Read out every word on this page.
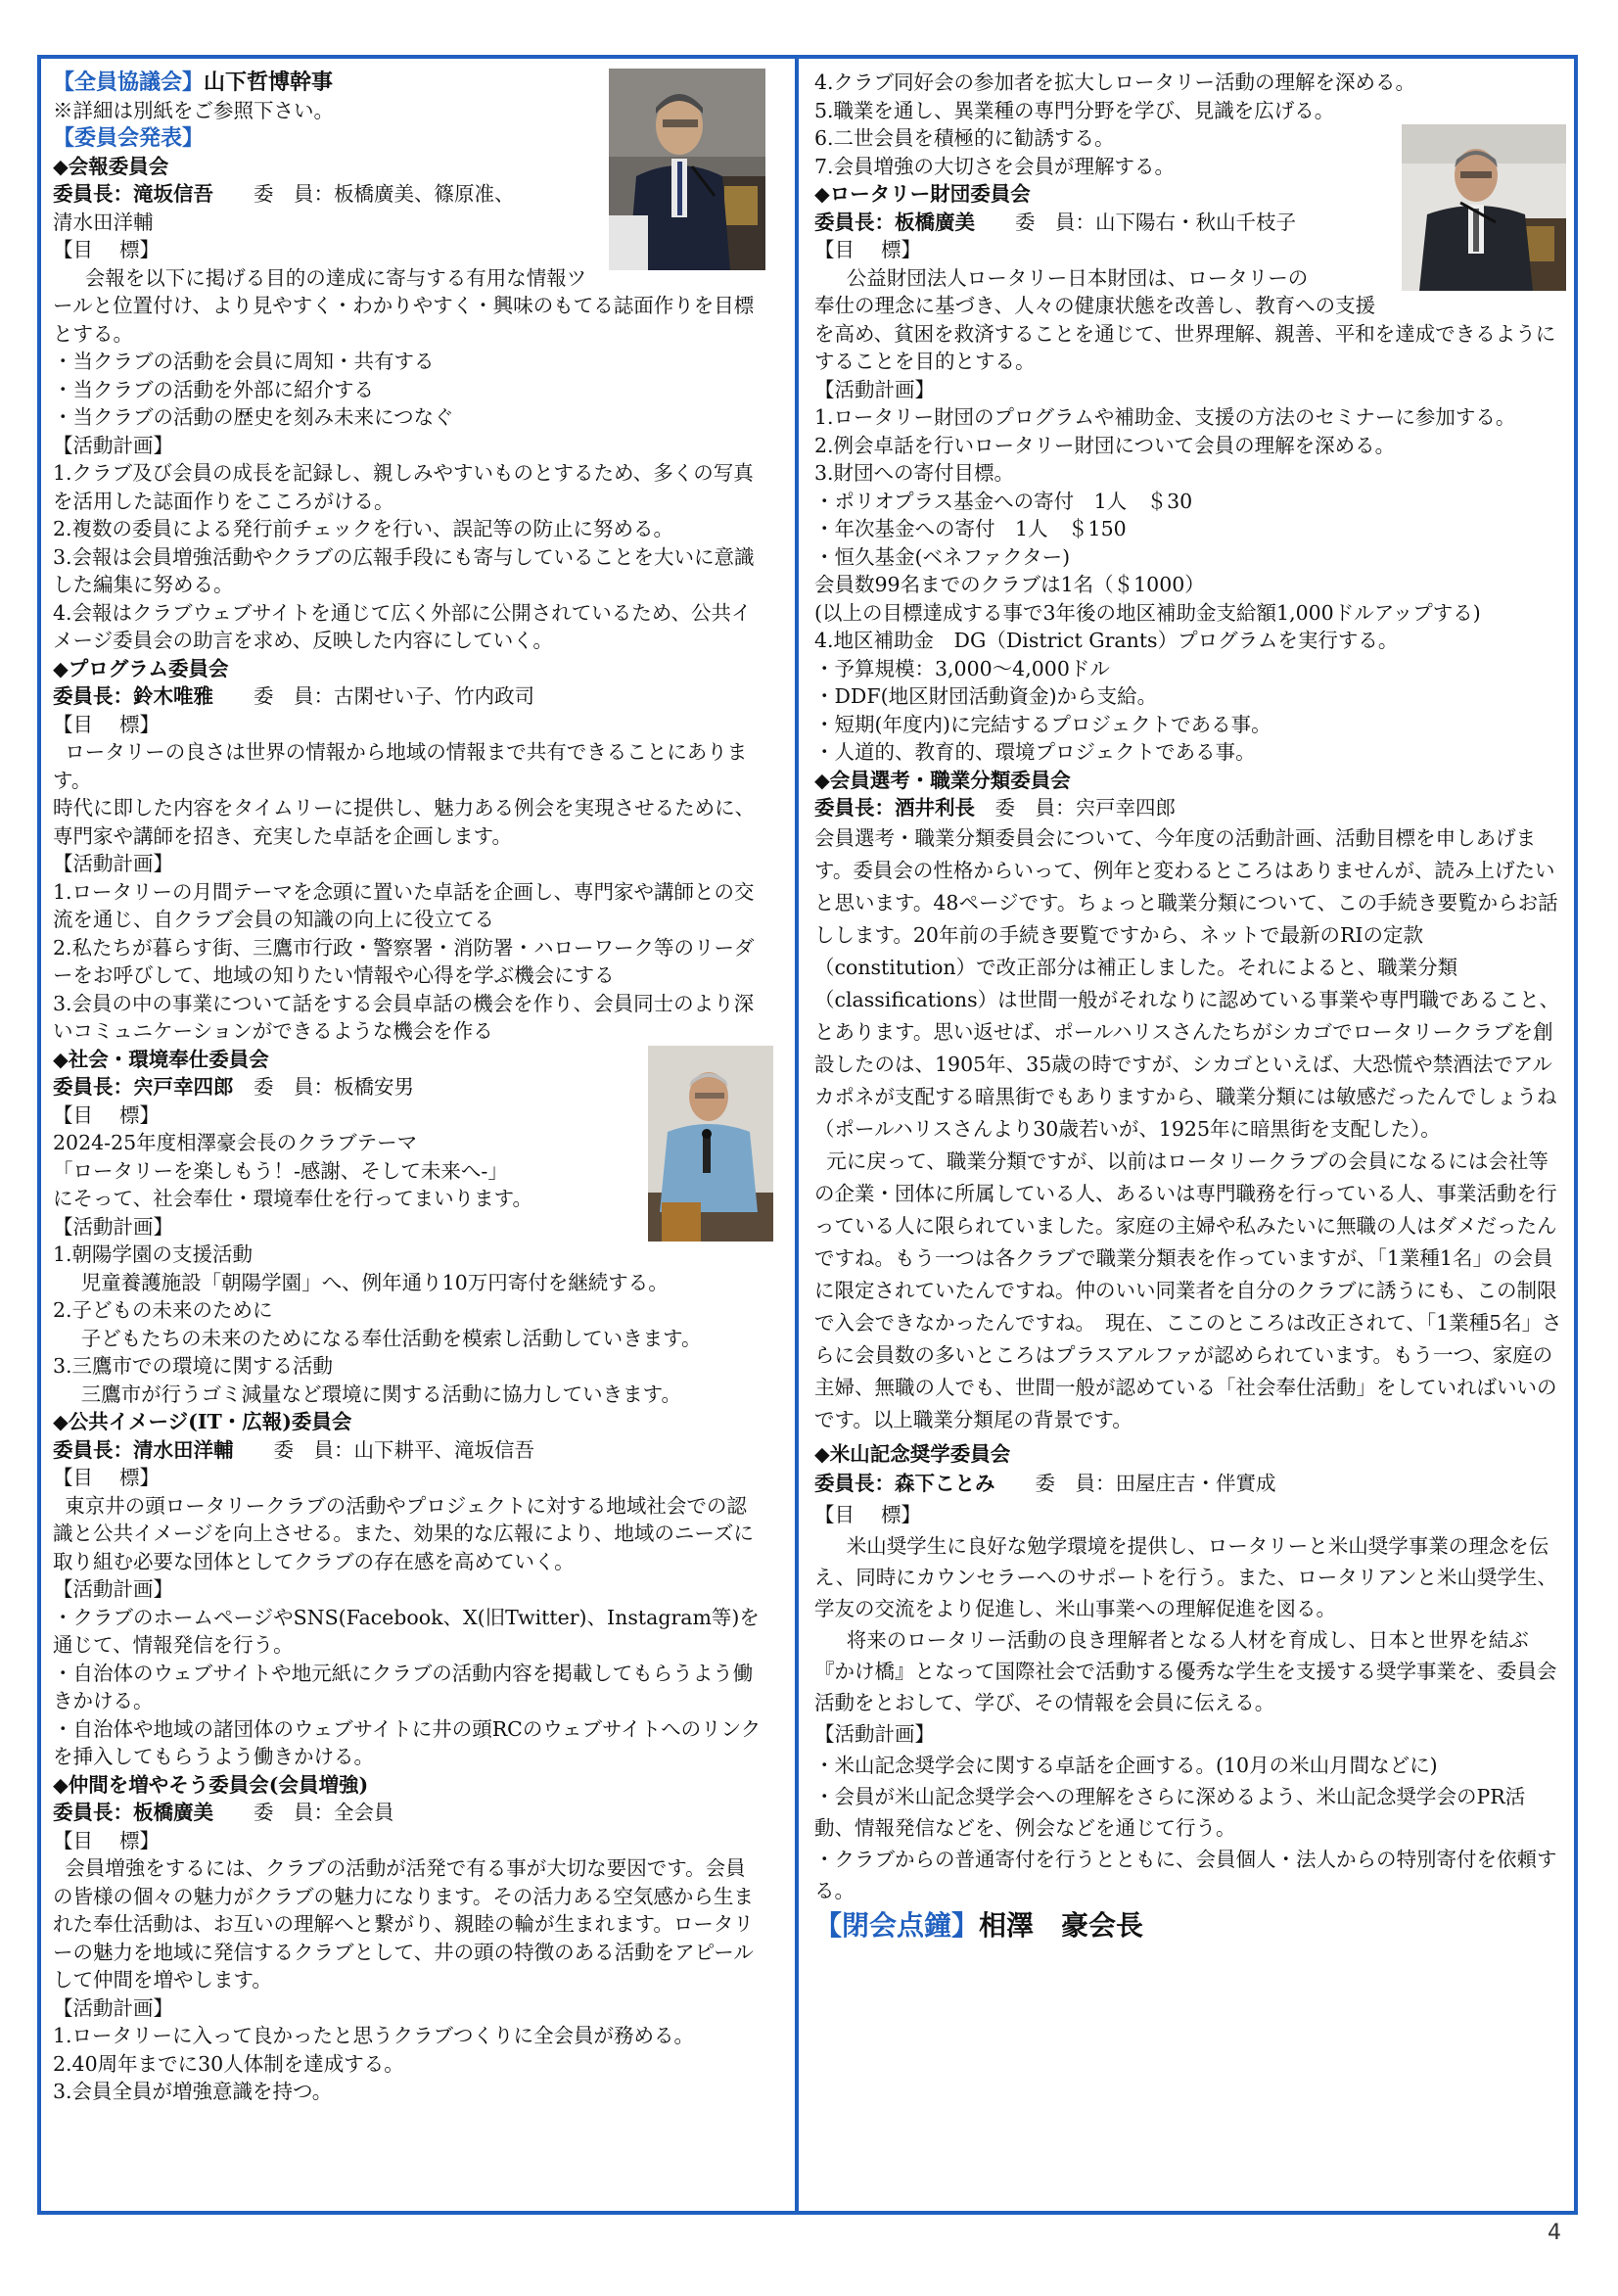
【全員協議会】山下哲博幹事

※詳細は別紙をご参照下さい。

【委員会発表】

◆会報委員会

委員長：滝坂信吾　　 委　員：板橋廣美、篠原准、

清水田洋輔

【目　 標】

会報を以下に掲げる目的の達成に寄与する有用な情報ツールと位置付け、より見やすく・わかりやすく・興味のもてる誌面作りを目標とする。

・当クラブの活動を会員に周知・共有する

・当クラブの活動を外部に紹介する

・当クラブの活動の歴史を刻み未来につなぐ

【活動計画】

1.クラブ及び会員の成長を記録し、親しみやすいものとするため、多くの写真を活用した誌面作りをこころがける。

2.複数の委員による発行前チェックを行い、誤記等の防止に努める。

3.会報は会員増強活動やクラブの広報手段にも寄与していることを大いに意識した編集に努める。

4.会報はクラブウェブサイトを通じて広く外部に公開されているため、公共イメージ委員会の助言を求め、反映した内容にしていく。

◆プログラム委員会

委員長：鈴木唯雅　　 委　員：古閑せい子、竹内政司

【目　 標】

ロータリーの良さは世界の情報から地域の情報まで共有できることにあります。

時代に即した内容をタイムリーに提供し、魅力ある例会を実現させるために、専門家や講師を招き、充実した卓話を企画します。

【活動計画】

1.ロータリーの月間テーマを念頭に置いた卓話を企画し、専門家や講師との交流を通じ、自クラブ会員の知識の向上に役立てる

2.私たちが暮らす街、三鷹市行政・警察署・消防署・ハローワーク等のリーダーをお呼びして、地域の知りたい情報や心得を学ぶ機会にする

3.会員の中の事業について話をする会員卓話の機会を作り、会員同士のより深いコミュニケーションができるような機会を作る

◆社会・環境奉仕委員会

委員長：宍戸幸四郎　 委　員：板橋安男

【目　 標】

2024-25年度相澤豪会長のクラブテーマ

「ロータリーを楽しもう！-感謝、そして未来へ-」

にそって、社会奉仕・環境奉仕を行ってまいります。

【活動計画】

1.朝陽学園の支援活動

児童養護施設「朝陽学園」へ、例年通り10万円寄付を継続する。

2.子どもの未来のために

子どもたちの未来のためになる奉仕活動を模索し活動していきます。

3.三鷹市での環境に関する活動

三鷹市が行うゴミ減量など環境に関する活動に協力していきます。

◆公共イメージ(IT・広報)委員会

委員長：清水田洋輔　　 委　員：山下耕平、滝坂信吾

【目　 標】

東京井の頭ロータリークラブの活動やプロジェクトに対する地域社会での認識と公共イメージを向上させる。また、効果的な広報により、地域のニーズに取り組む必要な団体としてクラブの存在感を高めていく。

【活動計画】

・クラブのホームページやSNS(Facebook、X(旧Twitter)、Instagram等)を通じて、情報発信を行う。

・自治体のウェブサイトや地元紙にクラブの活動内容を掲載してもらうよう働きかける。

・自治体や地域の諸団体のウェブサイトに井の頭RCのウェブサイトへのリンクを挿入してもらうよう働きかける。

◆仲間を増やそう委員会(会員増強)

委員長：板橋廣美　　 委　員：全会員

【目　 標】

会員増強をするには、クラブの活動が活発で有る事が大切な要因です。会員の皆様の個々の魅力がクラブの魅力になります。その活力ある空気感から生まれた奉仕活動は、お互いの理解へと繋がり、親睦の輪が生まれます。ロータリーの魅力を地域に発信するクラブとして、井の頭の特徴のある活動をアピールして仲間を増やします。

【活動計画】

1.ロータリーに入って良かったと思うクラブつくりに全会員が務める。

2.40周年までに30人体制を達成する。

3.会員全員が増強意識を持つ。

4.クラブ同好会の参加者を拡大しロータリー活動の理解を深める。

5.職業を通し、異業種の専門分野を学び、見識を広げる。

6.二世会員を積極的に勧誘する。

7.会員増強の大切さを会員が理解する。

◆ロータリー財団委員会

委員長：板橋廣美　　 委　員：山下陽右・秋山千枝子

【目　 標】

公益財団法人ロータリー日本財団は、ロータリーの

奉仕の理念に基づき、人々の健康状態を改善し、教育への支援を高め、貧困を救済することを通じて、世界理解、親善、平和を達成できるようにすることを目的とする。

【活動計画】

1.ロータリー財団のプログラムや補助金、支援の方法のセミナーに参加する。

2.例会卓話を行いロータリー財団について会員の理解を深める。

3.財団への寄付目標。

・ポリオプラス基金への寄付　1人　＄30

・年次基金への寄付　1人　＄150

・恒久基金(ベネファクター)

会員数99名までのクラブは1名（＄1000）

(以上の目標達成する事で3年後の地区補助金支給額1,000ドルアップする)

4.地区補助金　DG（District Grants）プログラムを実行する。

・予算規模：3,000～4,000ドル

・DDF(地区財団活動資金)から支給。

・短期(年度内)に完結するプロジェクトである事。

・人道的、教育的、環境プロジェクトである事。

◆会員選考・職業分類委員会

委員長：酒井利長　 委　員：宍戸幸四郎

会員選考・職業分類委員会について、今年度の活動計画、活動目標を申しあげます。委員会の性格からいって、例年と変わるところはありませんが、読み上げたいと思います。48ページです。ちょっと職業分類について、この手続き要覧からお話しします。20年前の手続き要覧ですから、ネットで最新のRIの定款（constitution）で改正部分は補正しました。それによると、職業分類（classifications）は世間一般がそれなりに認めている事業や専門職であること、とあります。思い返せば、ポールハリスさんたちがシカゴでロータリークラブを創設したのは、1905年、35歳の時ですが、シカゴといえば、大恐慌や禁酒法でアルカポネが支配する暗黒街でもありますから、職業分類には敏感だったんでしょうね　（ポールハリスさんより30歳若いが、1925年に暗黒街を支配した）。

元に戻って、職業分類ですが、以前はロータリークラブの会員になるには会社等の企業・団体に所属している人、あるいは専門職務を行っている人、事業活動を行っている人に限られていました。家庭の主婦や私みたいに無職の人はダメだったんですね。もう一つは各クラブで職業分類表を作っていますが、「1業種1名」の会員に限定されていたんですね。仲のいい同業者を自分のクラブに誘うにも、この制限で入会できなかったんですね。　現在、ここのところは改正されて、「1業種5名」さらに会員数の多いところはプラスアルファが認められています。もう一つ、家庭の主婦、無職の人でも、世間一般が認めている「社会奉仕活動」をしていればいいのです。以上職業分類尾の背景です。

◆米山記念奨学委員会

委員長：森下ことみ　　 委　員：田屋庄吉・伴實成

【目　 標】

米山奨学生に良好な勉学環境を提供し、ロータリーと米山奨学事業の理念を伝え、同時にカウンセラーへのサポートを行う。また、ロータリアンと米山奨学生、学友の交流をより促進し、米山事業への理解促進を図る。

将来のロータリー活動の良き理解者となる人材を育成し、日本と世界を結ぶ『かけ橋』となって国際社会で活動する優秀な学生を支援する奨学事業を、委員会活動をとおして、学び、その情報を会員に伝える。

【活動計画】

・米山記念奨学会に関する卓話を企画する。(10月の米山月間などに)

・会員が米山記念奨学会への理解をさらに深めるよう、米山記念奨学会のPR活動、情報発信などを、例会などを通じて行う。

・クラブからの普通寄付を行うとともに、会員個人・法人からの特別寄付を依頼する。

【閉会点鐘】相澤　豪会長

4
